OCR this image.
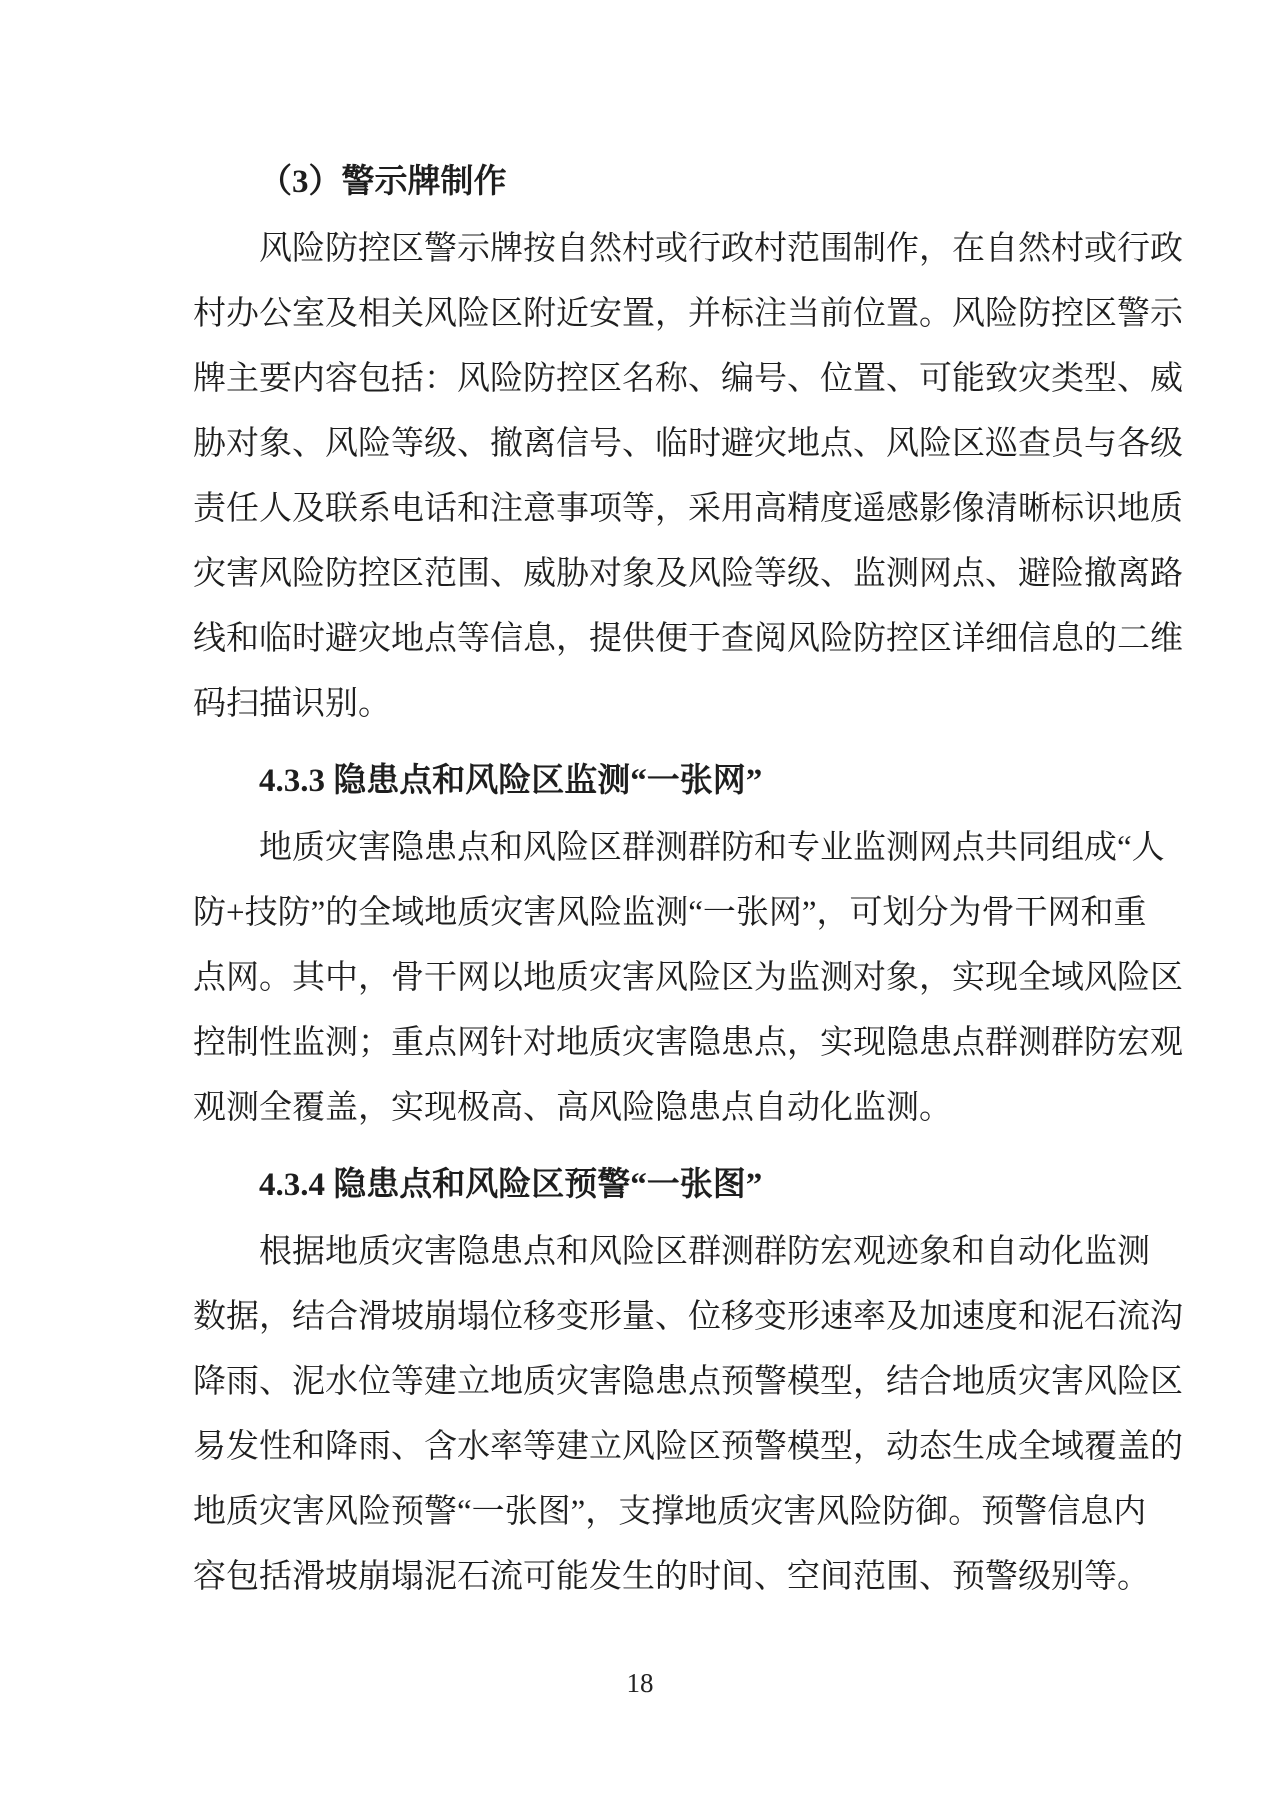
（3）警示牌制作
风险防控区警示牌按自然村或行政村范围制作，在自然村或行政
村办公室及相关风险区附近安置，并标注当前位置。风险防控区警示
牌主要内容包括：风险防控区名称、编号、位置、可能致灾类型、威
胁对象、风险等级、撤离信号、临时避灾地点、风险区巡查员与各级
责任人及联系电话和注意事项等，采用高精度遥感影像清晰标识地质
灾害风险防控区范围、威胁对象及风险等级、监测网点、避险撤离路
线和临时避灾地点等信息，提供便于查阅风险防控区详细信息的二维
码扫描识别。
4.3.3 隐患点和风险区监测“一张网”
地质灾害隐患点和风险区群测群防和专业监测网点共同组成“人
防+技防”的全域地质灾害风险监测“一张网”，可划分为骨干网和重
点网。其中，骨干网以地质灾害风险区为监测对象，实现全域风险区
控制性监测；重点网针对地质灾害隐患点，实现隐患点群测群防宏观
观测全覆盖，实现极高、高风险隐患点自动化监测。
4.3.4 隐患点和风险区预警“一张图”
根据地质灾害隐患点和风险区群测群防宏观迹象和自动化监测
数据，结合滑坡崩塌位移变形量、位移变形速率及加速度和泥石流沟
降雨、泥水位等建立地质灾害隐患点预警模型，结合地质灾害风险区
易发性和降雨、含水率等建立风险区预警模型，动态生成全域覆盖的
地质灾害风险预警“一张图”，支撑地质灾害风险防御。预警信息内
容包括滑坡崩塌泥石流可能发生的时间、空间范围、预警级别等。
18
